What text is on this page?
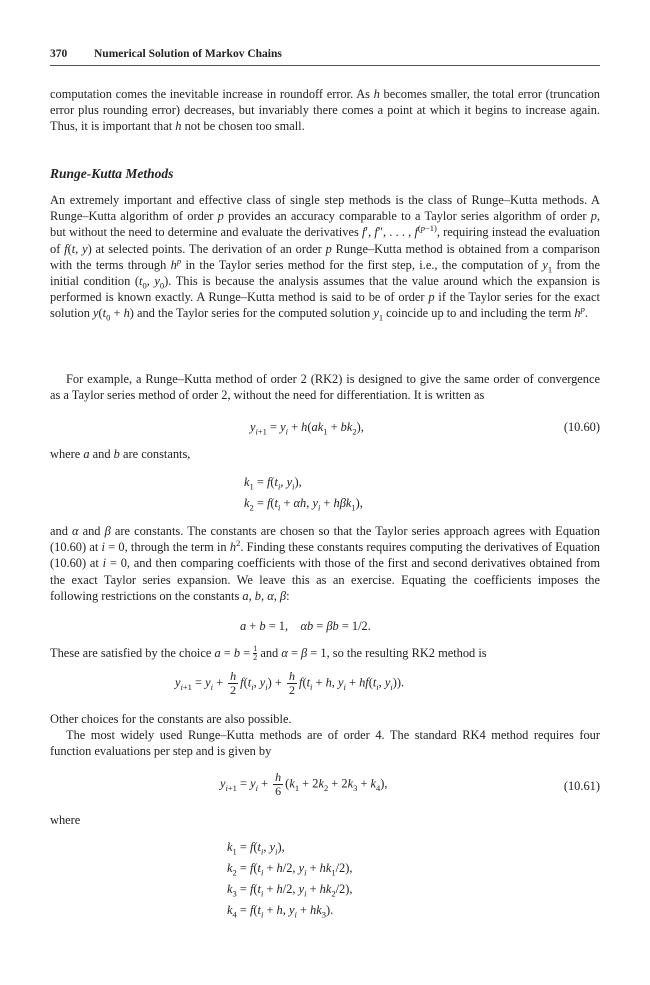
370 Numerical Solution of Markov Chains
computation comes the inevitable increase in roundoff error. As h becomes smaller, the total error (truncation error plus rounding error) decreases, but invariably there comes a point at which it begins to increase again. Thus, it is important that h not be chosen too small.
Runge-Kutta Methods
An extremely important and effective class of single step methods is the class of Runge–Kutta methods. A Runge–Kutta algorithm of order p provides an accuracy comparable to a Taylor series algorithm of order p, but without the need to determine and evaluate the derivatives f′, f″, . . . , $f^{(p-1)}$, requiring instead the evaluation of f(t, y) at selected points. The derivation of an order p Runge–Kutta method is obtained from a comparison with the terms through $h^p$ in the Taylor series method for the first step, i.e., the computation of $y_1$ from the initial condition ($t_0$, $y_0$). This is because the analysis assumes that the value around which the expansion is performed is known exactly. A Runge–Kutta method is said to be of order p if the Taylor series for the exact solution $y(t_0 + h)$ and the Taylor series for the computed solution $y_1$ coincide up to and including the term $h^p$.
For example, a Runge–Kutta method of order 2 (RK2) is designed to give the same order of convergence as a Taylor series method of order 2, without the need for differentiation. It is written as
$y_{i+1} = y_i + h(ak_1 + bk_2)$,	(10.60)
where a and b are constants,
$k_1 = f(t_i$, $y_i$),
$k_2 = f(t_i + \alpha h$, $y_i + h\beta k_1$),
and α and β are constants. The constants are chosen so that the Taylor series approach agrees with Equation (10.60) at i = 0, through the term in $h^2$. Finding these constants requires computing the derivatives of Equation (10.60) at i = 0, and then comparing coefficients with those of the first and second derivatives obtained from the exact Taylor series expansion. We leave this as an exercise. Equating the coefficients imposes the following restrictions on the constants a, b, α, β:
a + b = 1,    αb = βb = 1/2.
These are satisfied by the choice $a = b = \frac{1}{2}$ and α = β = 1, so the resulting RK2 method is
$y_{i+1} = y_i + \frac{h}{2} f(t_i$, $y_i) + \frac{h}{2} f(t_i + h$, $y_i + hf(t_i$, $y_i$)).
Other choices for the constants are also possible.
The most widely used Runge–Kutta methods are of order 4. The standard RK4 method requires four function evaluations per step and is given by
$y_{i+1} = y_i + \frac{h}{6} (k_1 + 2k_2 + 2k_3 + k_4)$,	(10.61)
where
$k_1 = f(t_i$, $y_i$),
$k_2 = f(t_i + h/2$, $y_i + hk_1/2$),
$k_3 = f(t_i + h/2$, $y_i + hk_2/2$),
$k_4 = f(t_i + h$, $y_i + hk_3$).
